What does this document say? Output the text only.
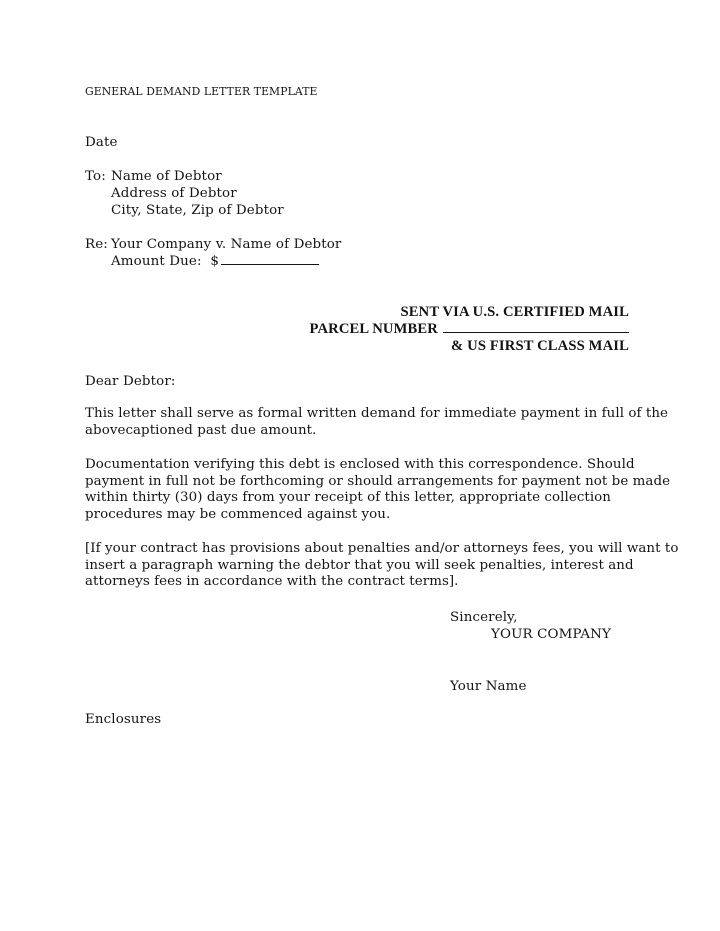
GENERAL DEMAND LETTER TEMPLATE
Date
To: Name of Debtor
Address of Debtor
City, State, Zip of Debtor
Re: Your Company v. Name of Debtor
Amount Due: $
SENT VIA U.S. CERTIFIED MAIL
PARCEL NUMBER
& US FIRST CLASS MAIL
Dear Debtor:
This letter shall serve as formal written demand for immediate payment in full of the
abovecaptioned past due amount.
Documentation verifying this debt is enclosed with this correspondence. Should
payment in full not be forthcoming or should arrangements for payment not be made
within thirty (30) days from your receipt of this letter, appropriate collection
procedures may be commenced against you.
[If your contract has provisions about penalties and/or attorneys fees, you will want to
insert a paragraph warning the debtor that you will seek penalties, interest and
attorneys fees in accordance with the contract terms].
Sincerely,
YOUR COMPANY
Your Name
Enclosures
